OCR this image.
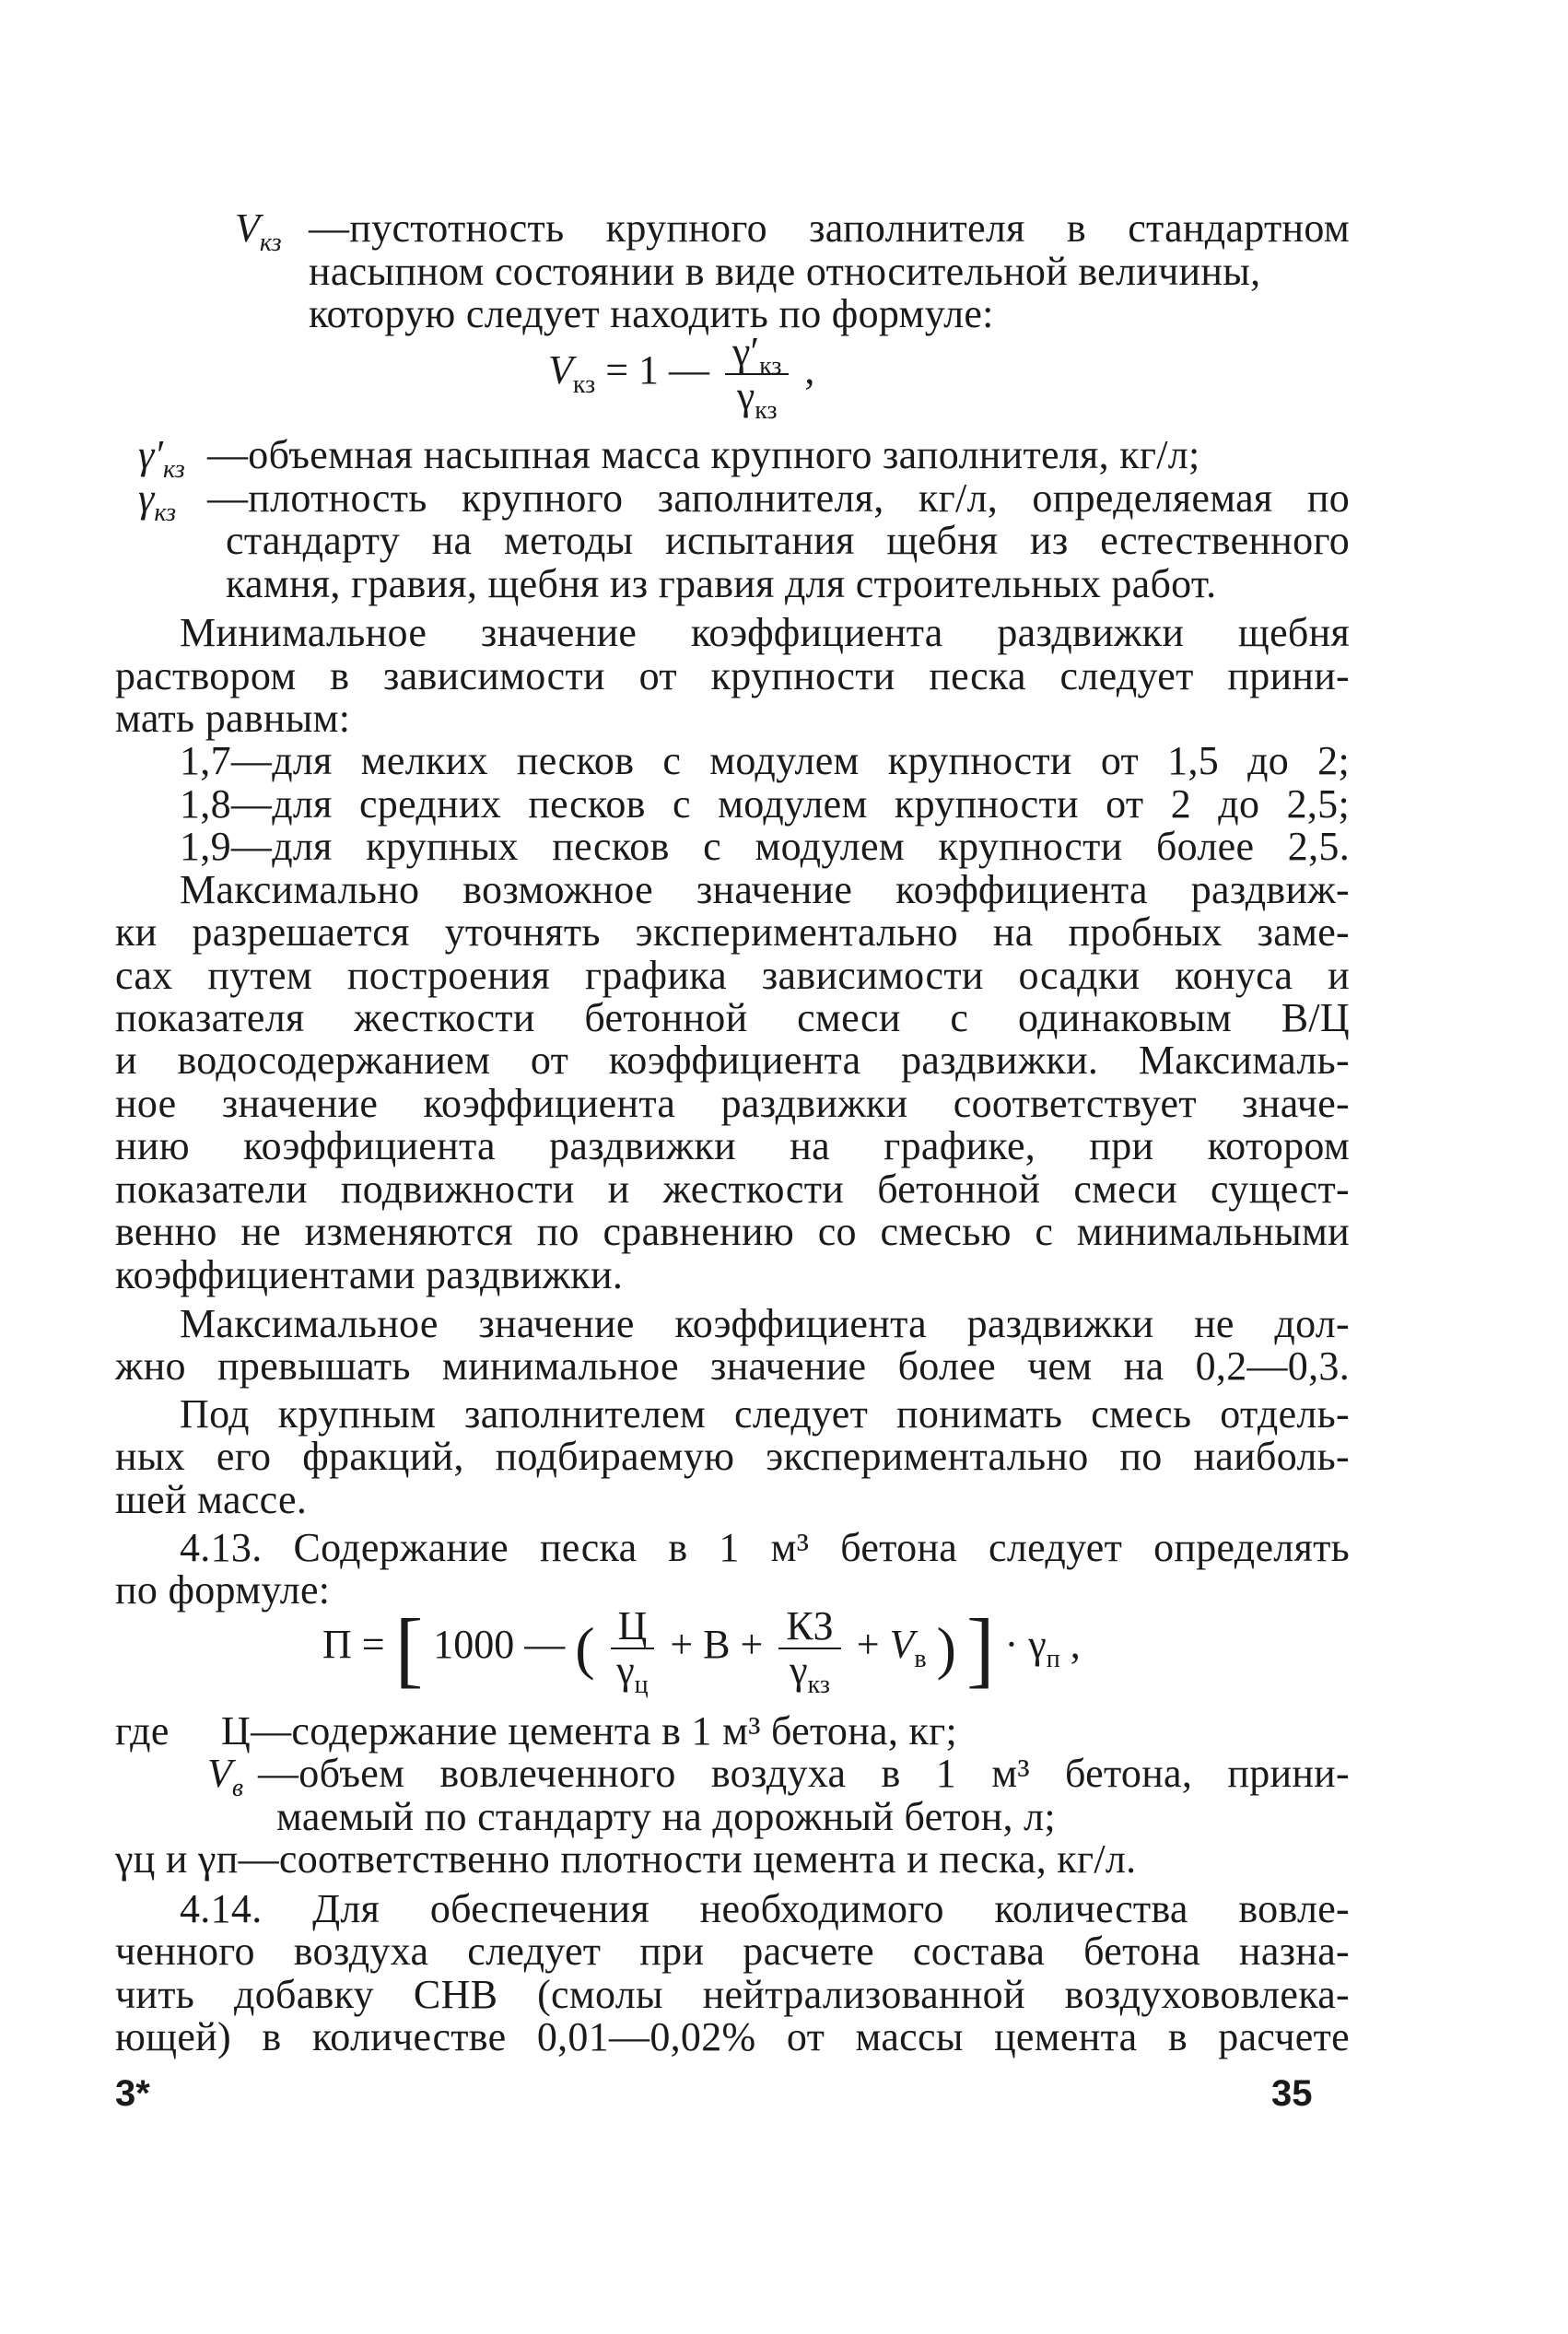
$V_{кз}$ —пустотность крупного заполнителя в стандартном
насыпном состоянии в виде относительной величины,
которую следует находить по формуле:
$V_{кз} = 1$ — $\frac{\gamma'_{кз}}{\gamma_{кз}}$ ,
$\gamma'_{кз}$ —объемная насыпная масса крупного заполнителя, кг/л;
$\gamma_{кз}$ —плотность крупного заполнителя, кг/л, определяемая по
стандарту на методы испытания щебня из естественного
камня, гравия, щебня из гравия для строительных работ.
Минимальное значение коэффициента раздвижки щебня
раствором в зависимости от крупности песка следует прини-
мать равным:
1,7—для мелких песков с модулем крупности от 1,5 до 2;
1,8—для средних песков с модулем крупности от 2 до 2,5;
1,9—для крупных песков с модулем крупности более 2,5.
Максимально возможное значение коэффициента раздвиж-
ки разрешается уточнять экспериментально на пробных заме-
сах путем построения графика зависимости осадки конуса и
показателя жесткости бетонной смеси с одинаковым В/Ц
и водосодержанием от коэффициента раздвижки. Максималь-
ное значение коэффициента раздвижки соответствует значе-
нию коэффициента раздвижки на графике, при котором
показатели подвижности и жесткости бетонной смеси сущест-
венно не изменяются по сравнению со смесью с минимальными
коэффициентами раздвижки.
Максимальное значение коэффициента раздвижки не дол-
жно превышать минимальное значение более чем на 0,2—0,3.
Под крупным заполнителем следует понимать смесь отдель-
ных его фракций, подбираемую экспериментально по наиболь-
шей массе.
4.13. Содержание песка в 1 м³ бетона следует определять
по формуле:
П = [ 1000 — ( $\frac{Ц}{\gamma_ц} + В + \frac{КЗ}{\gamma_{кз}} + V_в$ ) ] · $\gamma_п$ ,
где Ц—содержание цемента в 1 м³ бетона, кг;
$V_в$ —объем вовлеченного воздуха в 1 м³ бетона, прини-
маемый по стандарту на дорожный бетон, л;
γц и γп—соответственно плотности цемента и песка, кг/л.
4.14. Для обеспечения необходимого количества вовле-
ченного воздуха следует при расчете состава бетона назна-
чить добавку СНВ (смолы нейтрализованной воздухововлека-
ющей) в количестве 0,01—0,02% от массы цемента в расчете
3*	35
